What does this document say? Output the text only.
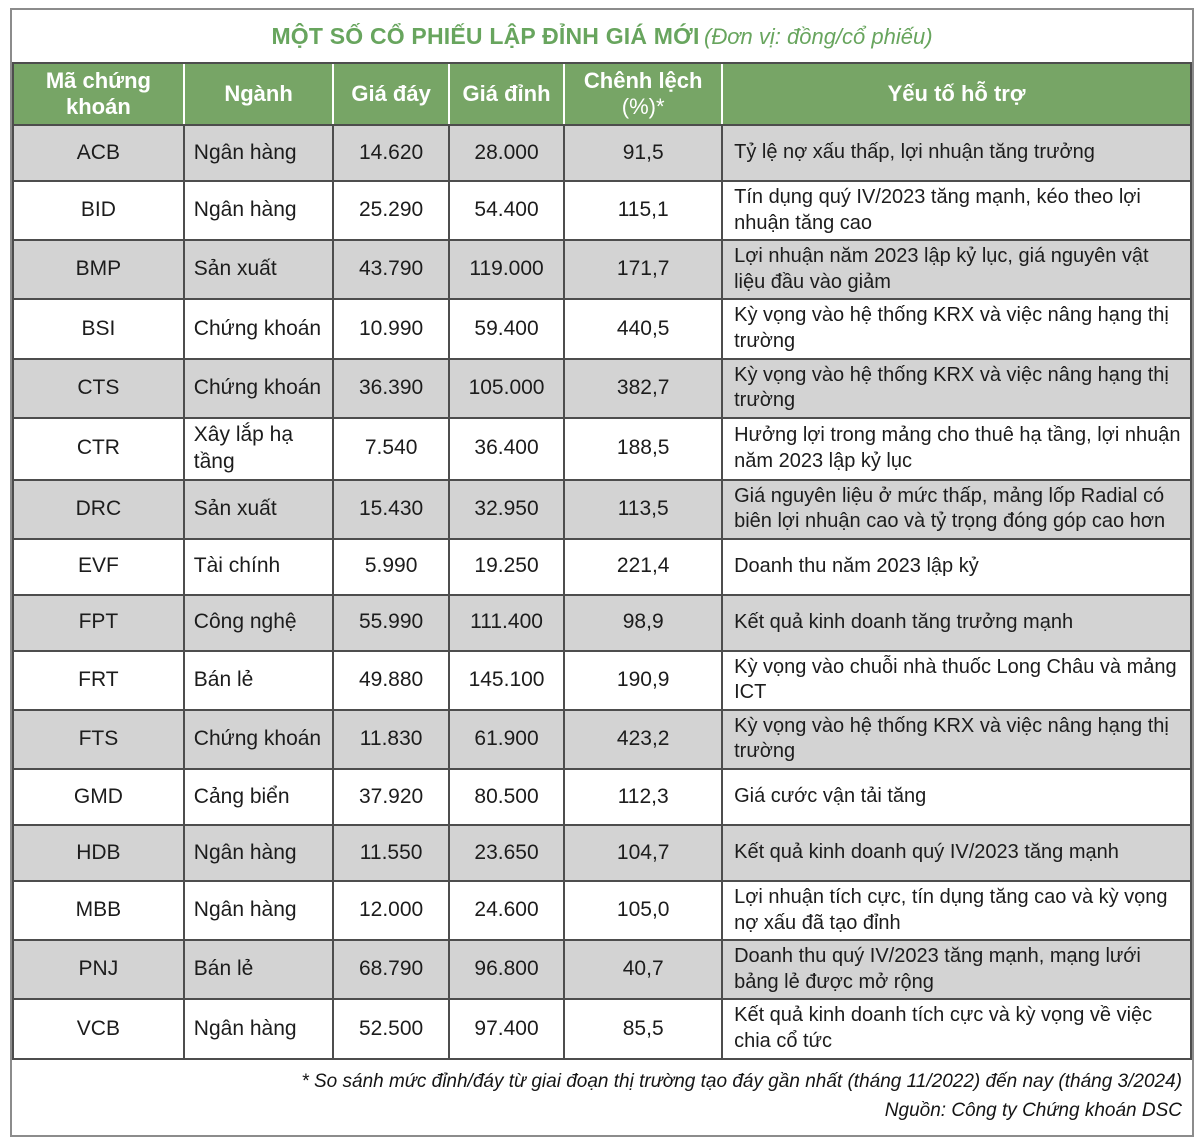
MỘT SỐ CỔ PHIẾU LẬP ĐỈNH GIÁ MỚI (Đơn vị: đồng/cổ phiếu)
Mã chứng khoán	Ngành	Giá đáy	Giá đỉnh	Chênh lệch (%)*	Yếu tố hỗ trợ
ACB	Ngân hàng	14.620	28.000	91,5	Tỷ lệ nợ xấu thấp, lợi nhuận tăng trưởng
BID	Ngân hàng	25.290	54.400	115,1	Tín dụng quý IV/2023 tăng mạnh, kéo theo lợi nhuận tăng cao
BMP	Sản xuất	43.790	119.000	171,7	Lợi nhuận năm 2023 lập kỷ lục, giá nguyên vật liệu đầu vào giảm
BSI	Chứng khoán	10.990	59.400	440,5	Kỳ vọng vào hệ thống KRX và việc nâng hạng thị trường
CTS	Chứng khoán	36.390	105.000	382,7	Kỳ vọng vào hệ thống KRX và việc nâng hạng thị trường
CTR	Xây lắp hạ tầng	7.540	36.400	188,5	Hưởng lợi trong mảng cho thuê hạ tầng, lợi nhuận năm 2023 lập kỷ lục
DRC	Sản xuất	15.430	32.950	113,5	Giá nguyên liệu ở mức thấp, mảng lốp Radial có biên lợi nhuận cao và tỷ trọng đóng góp cao hơn
EVF	Tài chính	5.990	19.250	221,4	Doanh thu năm 2023 lập kỷ
FPT	Công nghệ	55.990	111.400	98,9	Kết quả kinh doanh tăng trưởng mạnh
FRT	Bán lẻ	49.880	145.100	190,9	Kỳ vọng vào chuỗi nhà thuốc Long Châu và mảng ICT
FTS	Chứng khoán	11.830	61.900	423,2	Kỳ vọng vào hệ thống KRX và việc nâng hạng thị trường
GMD	Cảng biển	37.920	80.500	112,3	Giá cước vận tải tăng
HDB	Ngân hàng	11.550	23.650	104,7	Kết quả kinh doanh quý IV/2023 tăng mạnh
MBB	Ngân hàng	12.000	24.600	105,0	Lợi nhuận tích cực, tín dụng tăng cao và kỳ vọng nợ xấu đã tạo đỉnh
PNJ	Bán lẻ	68.790	96.800	40,7	Doanh thu quý IV/2023 tăng mạnh, mạng lưới bảng lẻ được mở rộng
VCB	Ngân hàng	52.500	97.400	85,5	Kết quả kinh doanh tích cực và kỳ vọng về việc chia cổ tức
* So sánh mức đỉnh/đáy từ giai đoạn thị trường tạo đáy gần nhất (tháng 11/2022) đến nay (tháng 3/2024)
Nguồn: Công ty Chứng khoán DSC
